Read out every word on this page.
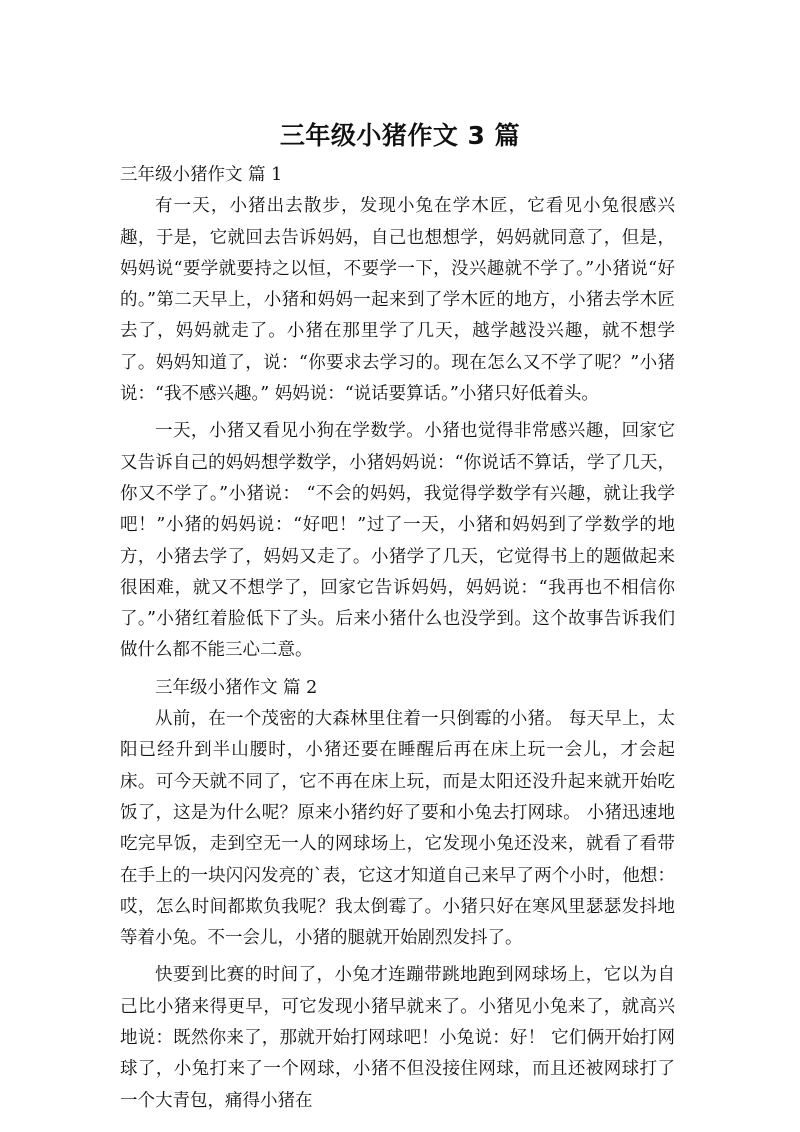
三年级小猪作文 3 篇

三年级小猪作文 篇 1

有一天，小猪出去散步，发现小兔在学木匠，它看见小兔很感兴趣，于是，它就回去告诉妈妈，自己也想想学，妈妈就同意了，但是，妈妈说“要学就要持之以恒，不要学一下，没兴趣就不学了。”小猪说“好的。”第二天早上，小猪和妈妈一起来到了学木匠的地方，小猪去学木匠去了，妈妈就走了。小猪在那里学了几天，越学越没兴趣，就不想学了。妈妈知道了，说：“你要求去学习的。现在怎么又不学了呢？”小猪说：“我不感兴趣。” 妈妈说：“说话要算话。”小猪只好低着头。

一天，小猪又看见小狗在学数学。小猪也觉得非常感兴趣，回家它又告诉自己的妈妈想学数学，小猪妈妈说：“你说话不算话，学了几天，你又不学了。”小猪说： “不会的妈妈，我觉得学数学有兴趣，就让我学吧！”小猪的妈妈说：“好吧！”过了一天，小猪和妈妈到了学数学的地方，小猪去学了，妈妈又走了。小猪学了几天，它觉得书上的题做起来很困难，就又不想学了，回家它告诉妈妈，妈妈说：“我再也不相信你了。”小猪红着脸低下了头。后来小猪什么也没学到。这个故事告诉我们做什么都不能三心二意。

三年级小猪作文 篇 2

从前，在一个茂密的大森林里住着一只倒霉的小猪。 每天早上，太阳已经升到半山腰时，小猪还要在睡醒后再在床上玩一会儿，才会起床。可今天就不同了，它不再在床上玩，而是太阳还没升起来就开始吃饭了，这是为什么呢？原来小猪约好了要和小兔去打网球。 小猪迅速地吃完早饭，走到空无一人的网球场上，它发现小兔还没来，就看了看带在手上的一块闪闪发亮的`表，它这才知道自己来早了两个小时，他想：哎，怎么时间都欺负我呢？我太倒霉了。小猪只好在寒风里瑟瑟发抖地等着小兔。不一会儿，小猪的腿就开始剧烈发抖了。

快要到比赛的时间了，小兔才连蹦带跳地跑到网球场上，它以为自己比小猪来得更早，可它发现小猪早就来了。小猪见小兔来了，就高兴地说：既然你来了，那就开始打网球吧！小兔说：好！ 它们俩开始打网球了，小兔打来了一个网球，小猪不但没接住网球，而且还被网球打了一个大青包，痛得小猪在
